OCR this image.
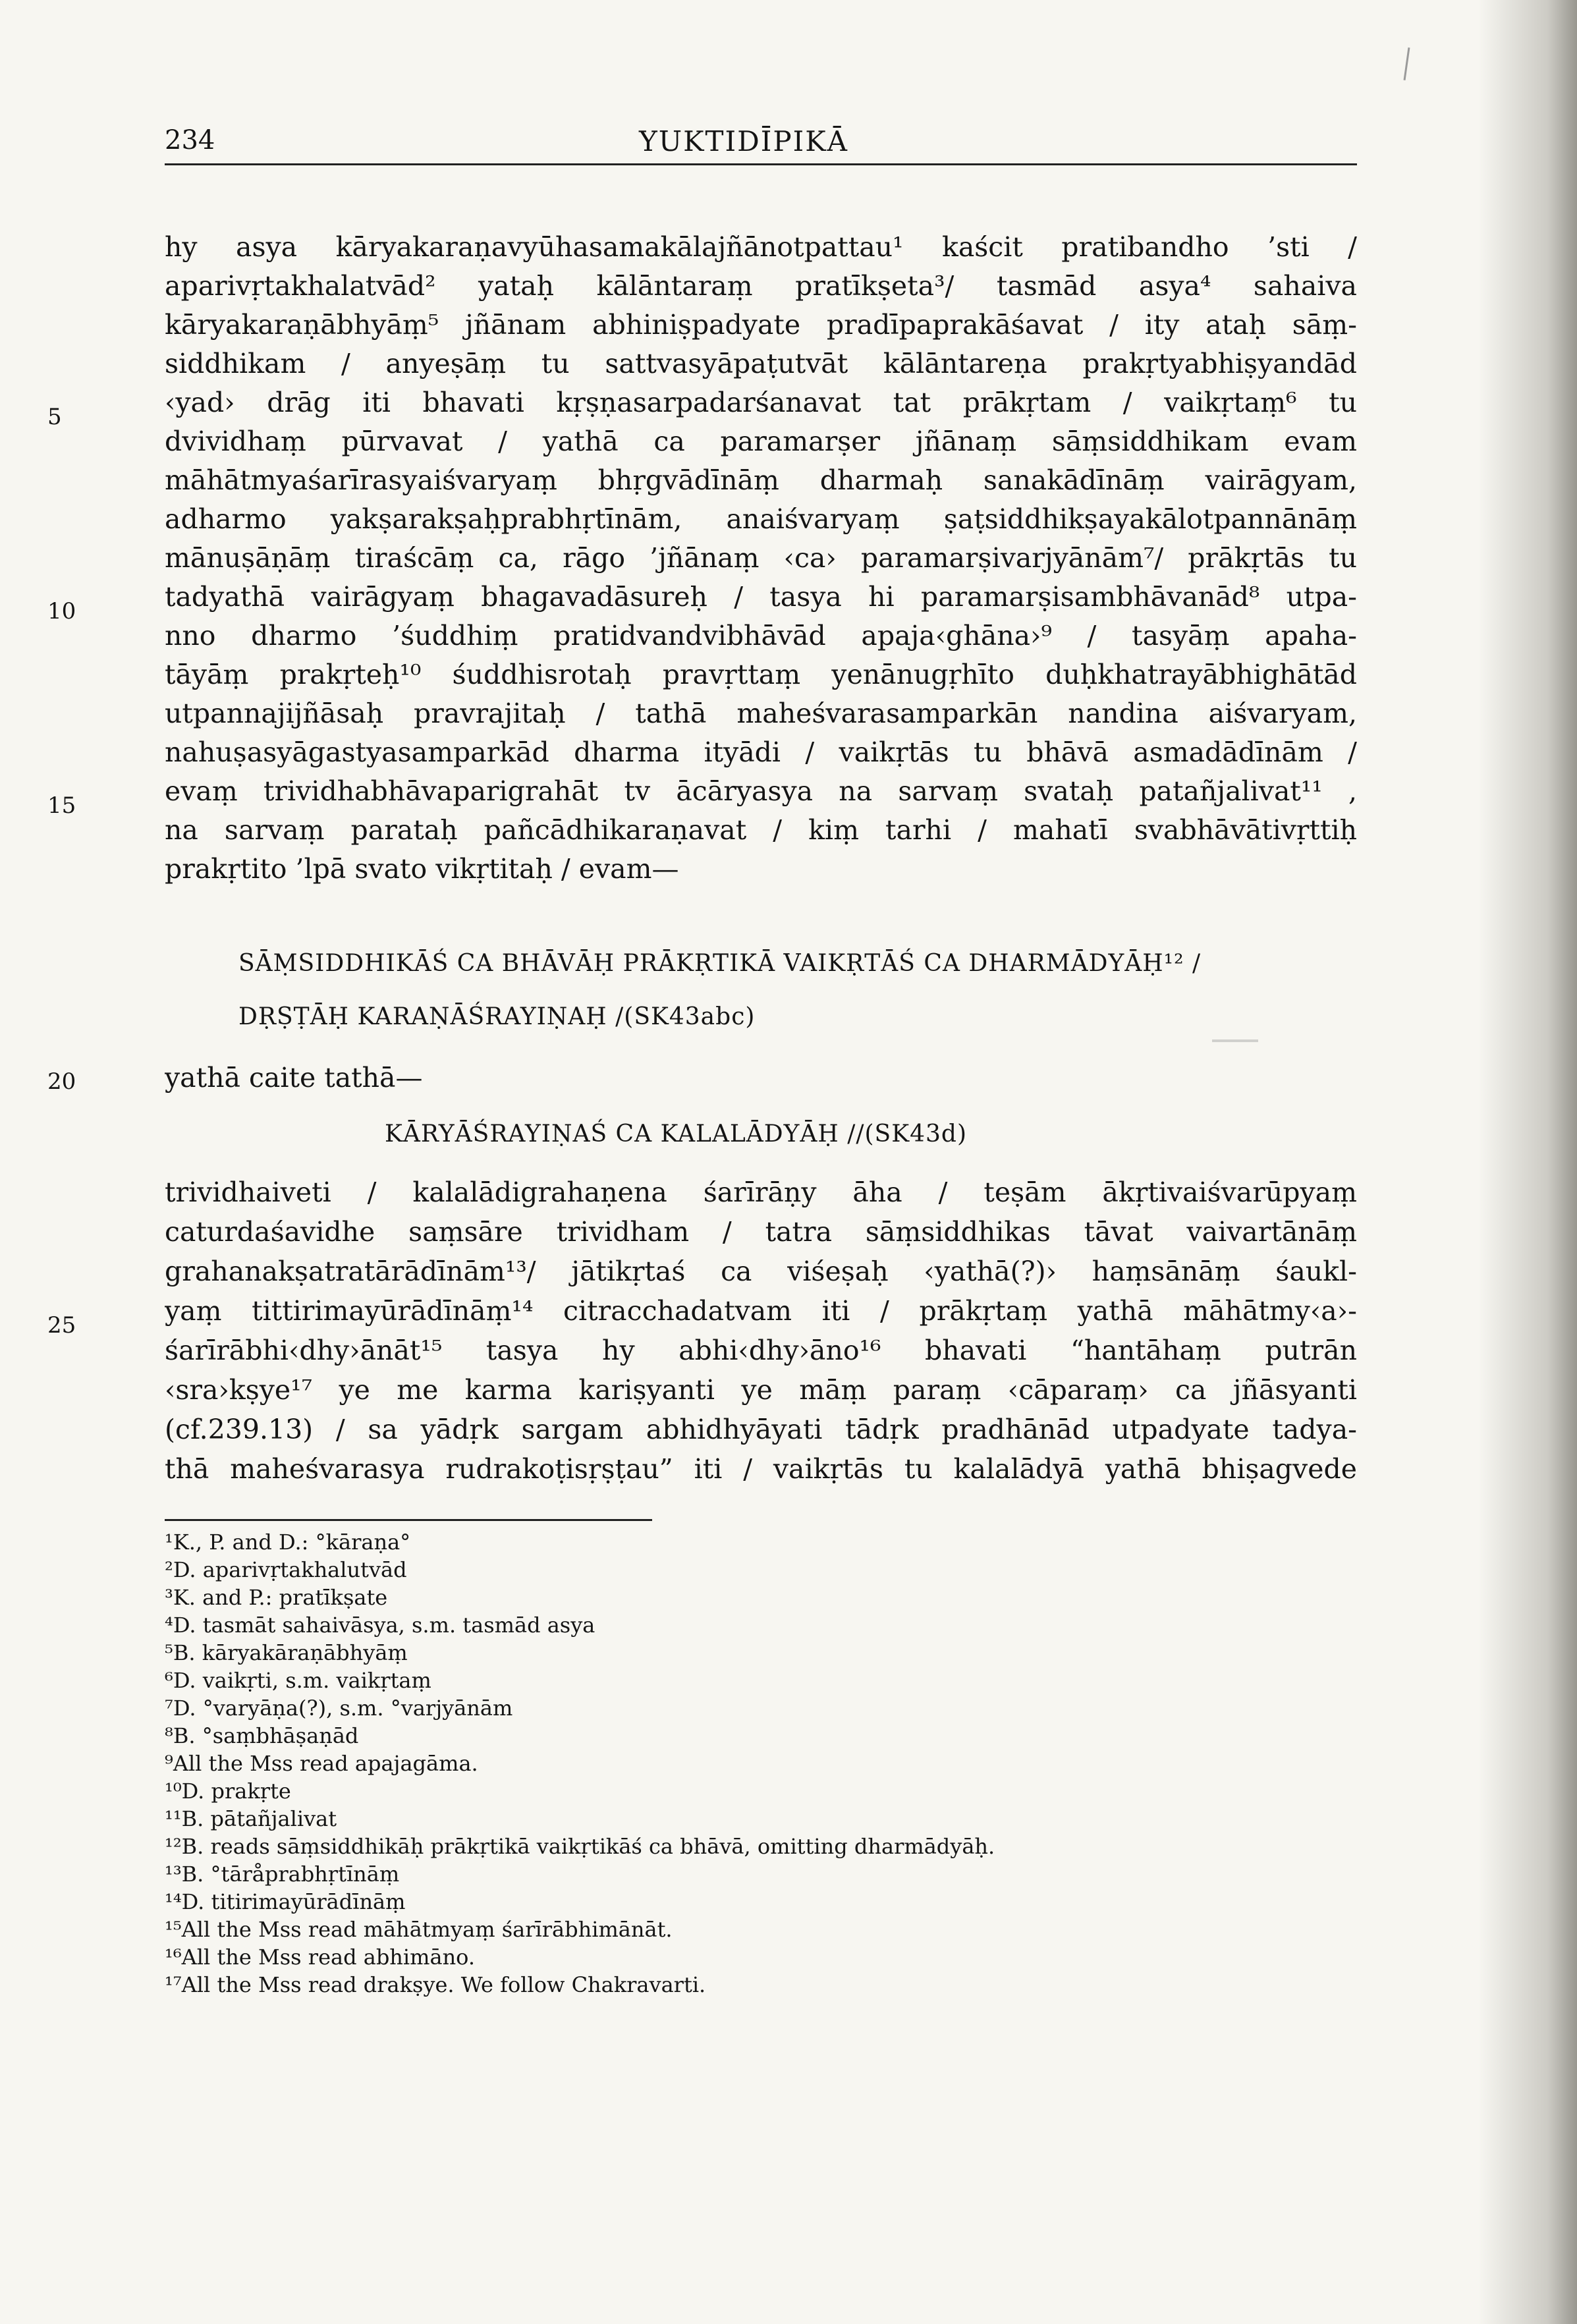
234	YUKTIDĪPIKĀ
hy asya kāryakaraṇavyūhasamakālajñānotpattau¹ kaścit pratibandho ’sti /
aparivṛtakhalatvād² yataḥ kālāntaraṃ pratīkṣeta³/ tasmād asya⁴ sahaiva
kāryakaraṇābhyāṃ⁵ jñānam abhiniṣpadyate pradīpaprakāśavat / ity ataḥ sāṃ-
siddhikam / anyeṣāṃ tu sattvasyāpaṭutvāt kālāntareṇa prakṛtyabhiṣyandād
‹yad› drāg iti bhavati kṛṣṇasarpadarśanavat tat prākṛtam / vaikṛtaṃ⁶ tu
dvividhaṃ pūrvavat / yathā ca paramarṣer jñānaṃ sāṃsiddhikam evam
māhātmyaśarīrasyaiśvaryaṃ bhṛgvādīnāṃ dharmaḥ sanakādīnāṃ vairāgyam,
adharmo yakṣarakṣaḥprabhṛtīnām, anaiśvaryaṃ ṣaṭsiddhikṣayakālotpannānāṃ
mānuṣāṇāṃ tiraścāṃ ca, rāgo ’jñānaṃ ‹ca› paramarṣivarjyānām⁷/ prākṛtās tu
tadyathā vairāgyaṃ bhagavadāsureḥ / tasya hi paramarṣisambhāvanād⁸ utpa-
nno dharmo ’śuddhiṃ pratidvandvibhāvād apaja‹ghāna›⁹ / tasyāṃ apaha-
tāyāṃ prakṛteḥ¹⁰ śuddhisrotaḥ pravṛttaṃ yenānugṛhīto duḥkhatrayābhighātād
utpannajijñāsaḥ pravrajitaḥ / tathā maheśvarasamparkān nandina aiśvaryam,
nahuṣasyāgastyasamparkād dharma ityādi / vaikṛtās tu bhāvā asmadādīnām /
evaṃ trividhabhāvaparigrahāt tv ācāryasya na sarvaṃ svataḥ patañjalivat¹¹ ,
na sarvaṃ parataḥ pañcādhikaraṇavat / kiṃ tarhi / mahatī svabhāvātivṛttiḥ
prakṛtito ’lpā svato vikṛtitaḥ / evam—
SĀṂSIDDHIKĀŚ CA BHĀVĀḤ PRĀKṚTIKĀ VAIKṚTĀŚ CA DHARMĀDYĀḤ¹² /
DṚṢṬĀḤ KARAṆĀŚRAYIṆAḤ /(SK43abc)
yathā caite tathā—
KĀRYĀŚRAYIṆAŚ CA KALALĀDYĀḤ //(SK43d)
trividhaiveti / kalalādigrahaṇena śarīrāṇy āha / teṣām ākṛtivaiśvarūpyaṃ
caturdaśavidhe saṃsāre trividham / tatra sāṃsiddhikas tāvat vaivartānāṃ
grahanakṣatratārādīnām¹³/ jātikṛtaś ca viśeṣaḥ ‹yathā(?)› haṃsānāṃ śaukl-
yaṃ tittirimayūrādīnāṃ¹⁴ citracchadatvam iti / prākṛtaṃ yathā māhātmy‹a›-
śarīrābhi‹dhy›ānāt¹⁵ tasya hy abhi‹dhy›āno¹⁶ bhavati “hantāhaṃ putrān
‹sra›kṣye¹⁷ ye me karma kariṣyanti ye māṃ paraṃ ‹cāparaṃ› ca jñāsyanti
(cf.239.13) / sa yādṛk sargam abhidhyāyati tādṛk pradhānād utpadyate tadya-
thā maheśvarasya rudrakoṭisṛṣṭau” iti / vaikṛtās tu kalalādyā yathā bhiṣagvede
5
10
15
20
25
¹K., P. and D.: °kāraṇa°
²D. aparivṛtakhalutvād
³K. and P.: pratīkṣate
⁴D. tasmāt sahaivāsya, s.m. tasmād asya
⁵B. kāryakāraṇābhyāṃ
⁶D. vaikṛti, s.m. vaikṛtaṃ
⁷D. °varyāṇa(?), s.m. °varjyānām
⁸B. °saṃbhāṣaṇād
⁹All the Mss read apajagāma.
¹⁰D. prakṛte
¹¹B. pātañjalivat
¹²B. reads sāṃsiddhikāḥ prākṛtikā vaikṛtikāś ca bhāvā, omitting dharmādyāḥ.
¹³B. °tāråprabhṛtīnāṃ
¹⁴D. titirimayūrādīnāṃ
¹⁵All the Mss read māhātmyaṃ śarīrābhimānāt.
¹⁶All the Mss read abhimāno.
¹⁷All the Mss read drakṣye. We follow Chakravarti.
